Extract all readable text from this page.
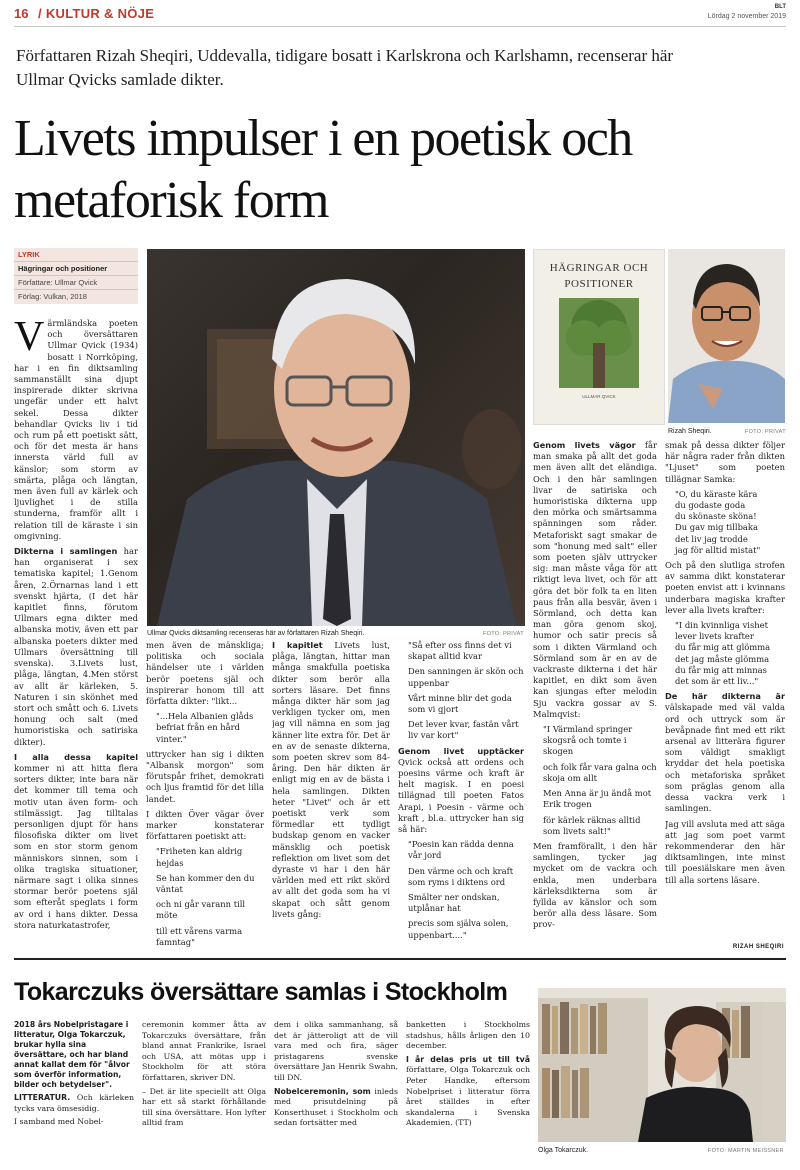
16 / KULTUR & NÖJE	BLT
Lördag 2 november 2019
Författaren Rizah Sheqiri, Uddevalla, tidigare bosatt i Karlskrona och Karlshamn, recenserar här Ullmar Qvicks samlade dikter.
Livets impulser i en poetisk och metaforisk form
LYRIK
Hägringar och positioner
Författare: Ullmar Qvick
Förlag: Vulkan, 2018
Ullmar Qvicks diktsamling recenseras här av författaren Rizah Sheqiri.	FOTO: PRIVAT
HÄGRINGAR OCH
POSITIONER
ULLMAR QVICK
Rizah Sheqiri.	FOTO: PRIVAT

Värmländska poeten och översättaren Ullmar Qvick (1934) bosatt i Norrköping, har i en fin diktsamling sammanställt sina djupt inspirerade dikter skrivna ungefär under ett halvt sekel. Dessa dikter behandlar Qvicks liv i tid och rum på ett poetiskt sätt, och för det mesta är hans innersta värld full av känslor; som storm av smärta, plåga och längtan, men även full av kärlek och ljuvlighet i de stilla stunderna, framför allt i relation till de käraste i sin omgivning.

Dikterna i samlingen har han organiserat i sex tematiska kapitel; 1.Genom åren, 2.Örnarnas land i ett svenskt hjärta, (I det här kapitlet finns, förutom Ullmars egna dikter med albanska motiv, även ett par albanska poeters dikter med Ullmars översättning till svenska). 3.Livets lust, plåga, längtan, 4.Men störst av allt är kärleken, 5. Naturen i sin skönhet med stort och smått och 6. Livets honung och salt (med humoristiska och satiriska dikter).

I alla dessa kapitel kommer ni att hitta flera sorters dikter, inte bara när det kommer till tema och motiv utan även form- och stilmässigt. Jag tilltalas personligen djupt för hans filosofiska dikter om livet som en stor storm genom människors sinnen, som i olika tragiska situationer, närmare sagt i olika sinnes stormar berör poetens själ som efteråt speglats i form av ord i hans dikter. Dessa stora naturkatastrofer,

men även de mänskliga; politiska och sociala händelser ute i världen berör poetens själ och inspirerar honom till att författa dikter: "likt...

"...Hela Albanien glåds befriat från en hård vinter."

uttrycker han sig i dikten "Albansk morgon" som förutspår frihet, demokrati och ljus framtid för det lilla landet.

I dikten Över vägar över marker konstaterar författaren poetiskt att:

"Friheten kan aldrig hejdas

Se han kommer den du väntat

och ni går varann till möte

till ett vårens varma famntag"

I kapitlet Livets lust, plåga, längtan, hittar man många smakfulla poetiska dikter som berör alla sorters läsare. Det finns många dikter här som jag verkligen tycker om, men jag vill nämna en som jag känner lite extra för. Det är en av de senaste dikterna, som poeten skrev som 84-åring. Den här dikten är enligt mig en av de bästa i hela samlingen. Dikten heter "Livet" och är ett poetiskt verk som förmedlar ett tydligt budskap genom en vacker mänsklig och poetisk reflektion om livet som det dyraste vi har i den här världen med ett rikt skörd av allt det goda som ha vi skapat och sått genom livets gång:

"Så efter oss finns det vi skapat alltid kvar

Den sanningen är skön och uppenbar

Vårt minne blir det goda som vi gjort

Det lever kvar, fastän vårt liv var kort"

Genom livet upptäcker Qvick också att ordens och poesins värme och kraft är helt magisk. I en poesi tillägnad till poeten Fatos Arapi, i Poesin - värme och kraft , bl.a. uttrycker han sig så här:

"Poesin kan rädda denna vår jord

Den värme och och kraft som ryms i diktens ord

Smälter ner ondskan, utplånar hat

precis som själva solen, uppenbart...."

Genom livets vägor får man smaka på allt det goda men även allt det eländiga. Och i den här samlingen livar de satiriska och humoristiska dikterna upp den mörka och smärtsamma spänningen som råder. Metaforiskt sagt smakar de som "honung med salt" eller som poeten själv uttrycker sig: man måste våga för att riktigt leva livet, och för att göra det bör folk ta en liten paus från alla besvär, även i Sörmland, och detta kan man göra genom skoj, humor och satir precis så som i dikten Värmland och Sörmland som är en av de vackraste dikterna i det här kapitlet, en dikt som även kan sjungas efter melodin Sju vackra gossar av S. Malmqvist:

"I Värmland springer skogsrå och tomte i skogen

och folk får vara galna och skoja om allt

Men Anna är ju ändå mot Erik trogen

för kärlek räknas alltid som livets salt!"

Men framförallt, i den här samlingen, tycker jag mycket om de vackra och enkla, men underbara kärleksdikterna som är fyllda av känslor och som berör alla dess läsare. Som prov-

smak på dessa dikter följer här några rader från dikten "Ljuset" som poeten tillägnar Samka:

"O, du käraste kära

du godaste goda

du skönaste sköna!

Du gav mig tillbaka

det liv jag trodde

jag för alltid mistat"

Och på den slutliga strofen av samma dikt konstaterar poeten envist att i kvinnans underbara magiska krafter lever alla livets krafter:

"I din kvinnliga vishet

lever livets krafter

du får mig att glömma

det jag måste glömma

du får mig att minnas

det som är ett liv..."

De här dikterna är välskapade med väl valda ord och uttryck som är bevåpnade fint med ett rikt arsenal av litterära figurer som väldigt smakligt kryddar det hela poetiska och metaforiska språket som präglas genom alla dessa vackra verk i samlingen.

Jag vill avsluta med att säga att jag som poet varmt rekommenderar den här diktsamlingen, inte minst till poesiälskare men även till alla sortens läsare.

RIZAH SHEQIRI
Tokarczuks översättare samlas i Stockholm

2018 års Nobelpristagare i litteratur, Olga Tokarczuk, brukar hylla sina översättare, och har bland annat kallat dem för "ålvor som överför information, bilder och betydelser".

LITTERATUR. Och kärleken tycks vara ömsesidig.

I samband med Nobel-

ceremonin kommer åtta av Tokarczuks översättare, från bland annat Frankrike, Israel och USA, att mötas upp i Stockholm för att störa författaren, skriver DN.

– Det är lite speciellt att Olga har ett så starkt förhållande till sina översättare. Hon lyfter alltid fram

dem i olika sammanhang, så det är jätteroligt att de vill vara med och fira, säger pristagarens svenske översättare Jan Henrik Swahn, till DN.

Nobelceremonin, som inleds med prisutdelning på Konserthuset i Stockholm och sedan fortsätter med

banketten i Stockholms stadshus, hålls årligen den 10 december.

I år delas pris ut till två författare, Olga Tokarczuk och Peter Handke, eftersom Nobelpriset i litteratur förra året ställdes in efter skandalerna i Svenska Akademien. (TT)

Olga Tokarczuk.	FOTO: MARTIN MEISSNER
